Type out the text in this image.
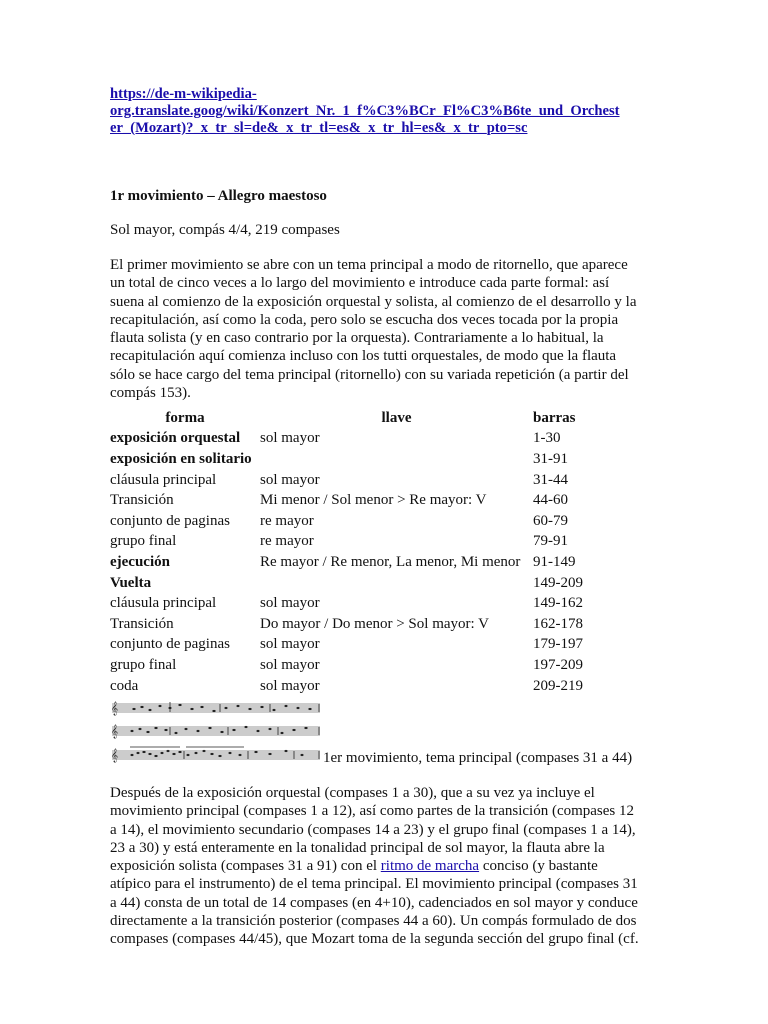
https://de-m-wikipedia-
org.translate.goog/wiki/Konzert_Nr._1_f%C3%BCr_Fl%C3%B6te_und_Orchest
er_(Mozart)?_x_tr_sl=de&_x_tr_tl=es&_x_tr_hl=es&_x_tr_pto=sc
1r movimiento – Allegro maestoso
Sol mayor, compás 4/4, 219 compases
El primer movimiento se abre con un tema principal a modo de ritornello, que aparece
un total de cinco veces a lo largo del movimiento e introduce cada parte formal: así
suena al comienzo de la exposición orquestal y solista, al comienzo de el desarrollo y la
recapitulación, así como la coda, pero solo se escucha dos veces tocada por la propia
flauta solista (y en caso contrario por la orquesta). Contrariamente a lo habitual, la
recapitulación aquí comienza incluso con los tutti orquestales, de modo que la flauta
sólo se hace cargo del tema principal (ritornello) con su variada repetición (a partir del
compás 153).
forma	llave	barras
exposición orquestal	sol mayor	1-30
exposición en solitario		31-91
cláusula principal	sol mayor	31-44
Transición	Mi menor / Sol menor > Re mayor: V	44-60
conjunto de paginas	re mayor	60-79
grupo final	re mayor	79-91
ejecución	Re mayor / Re menor, La menor, Mi menor	91-149
Vuelta		149-209
cláusula principal	sol mayor	149-162
Transición	Do mayor / Do menor > Sol mayor: V	162-178
conjunto de paginas	sol mayor	179-197
grupo final	sol mayor	197-209
coda	sol mayor	209-219
𝄞
𝄞
𝄞	1er movimiento, tema principal (compases 31 a 44)
Después de la exposición orquestal (compases 1 a 30), que a su vez ya incluye el
movimiento principal (compases 1 a 12), así como partes de la transición (compases 12
a 14), el movimiento secundario (compases 14 a 23) y el grupo final (compases 1 a 14),
23 a 30) y está enteramente en la tonalidad principal de sol mayor, la flauta abre la
exposición solista (compases 31 a 91) con el ritmo de marcha conciso (y bastante
atípico para el instrumento) de el tema principal. El movimiento principal (compases 31
a 44) consta de un total de 14 compases (en 4+10), cadenciados en sol mayor y conduce
directamente a la transición posterior (compases 44 a 60). Un compás formulado de dos
compases (compases 44/45), que Mozart toma de la segunda sección del grupo final (cf.
